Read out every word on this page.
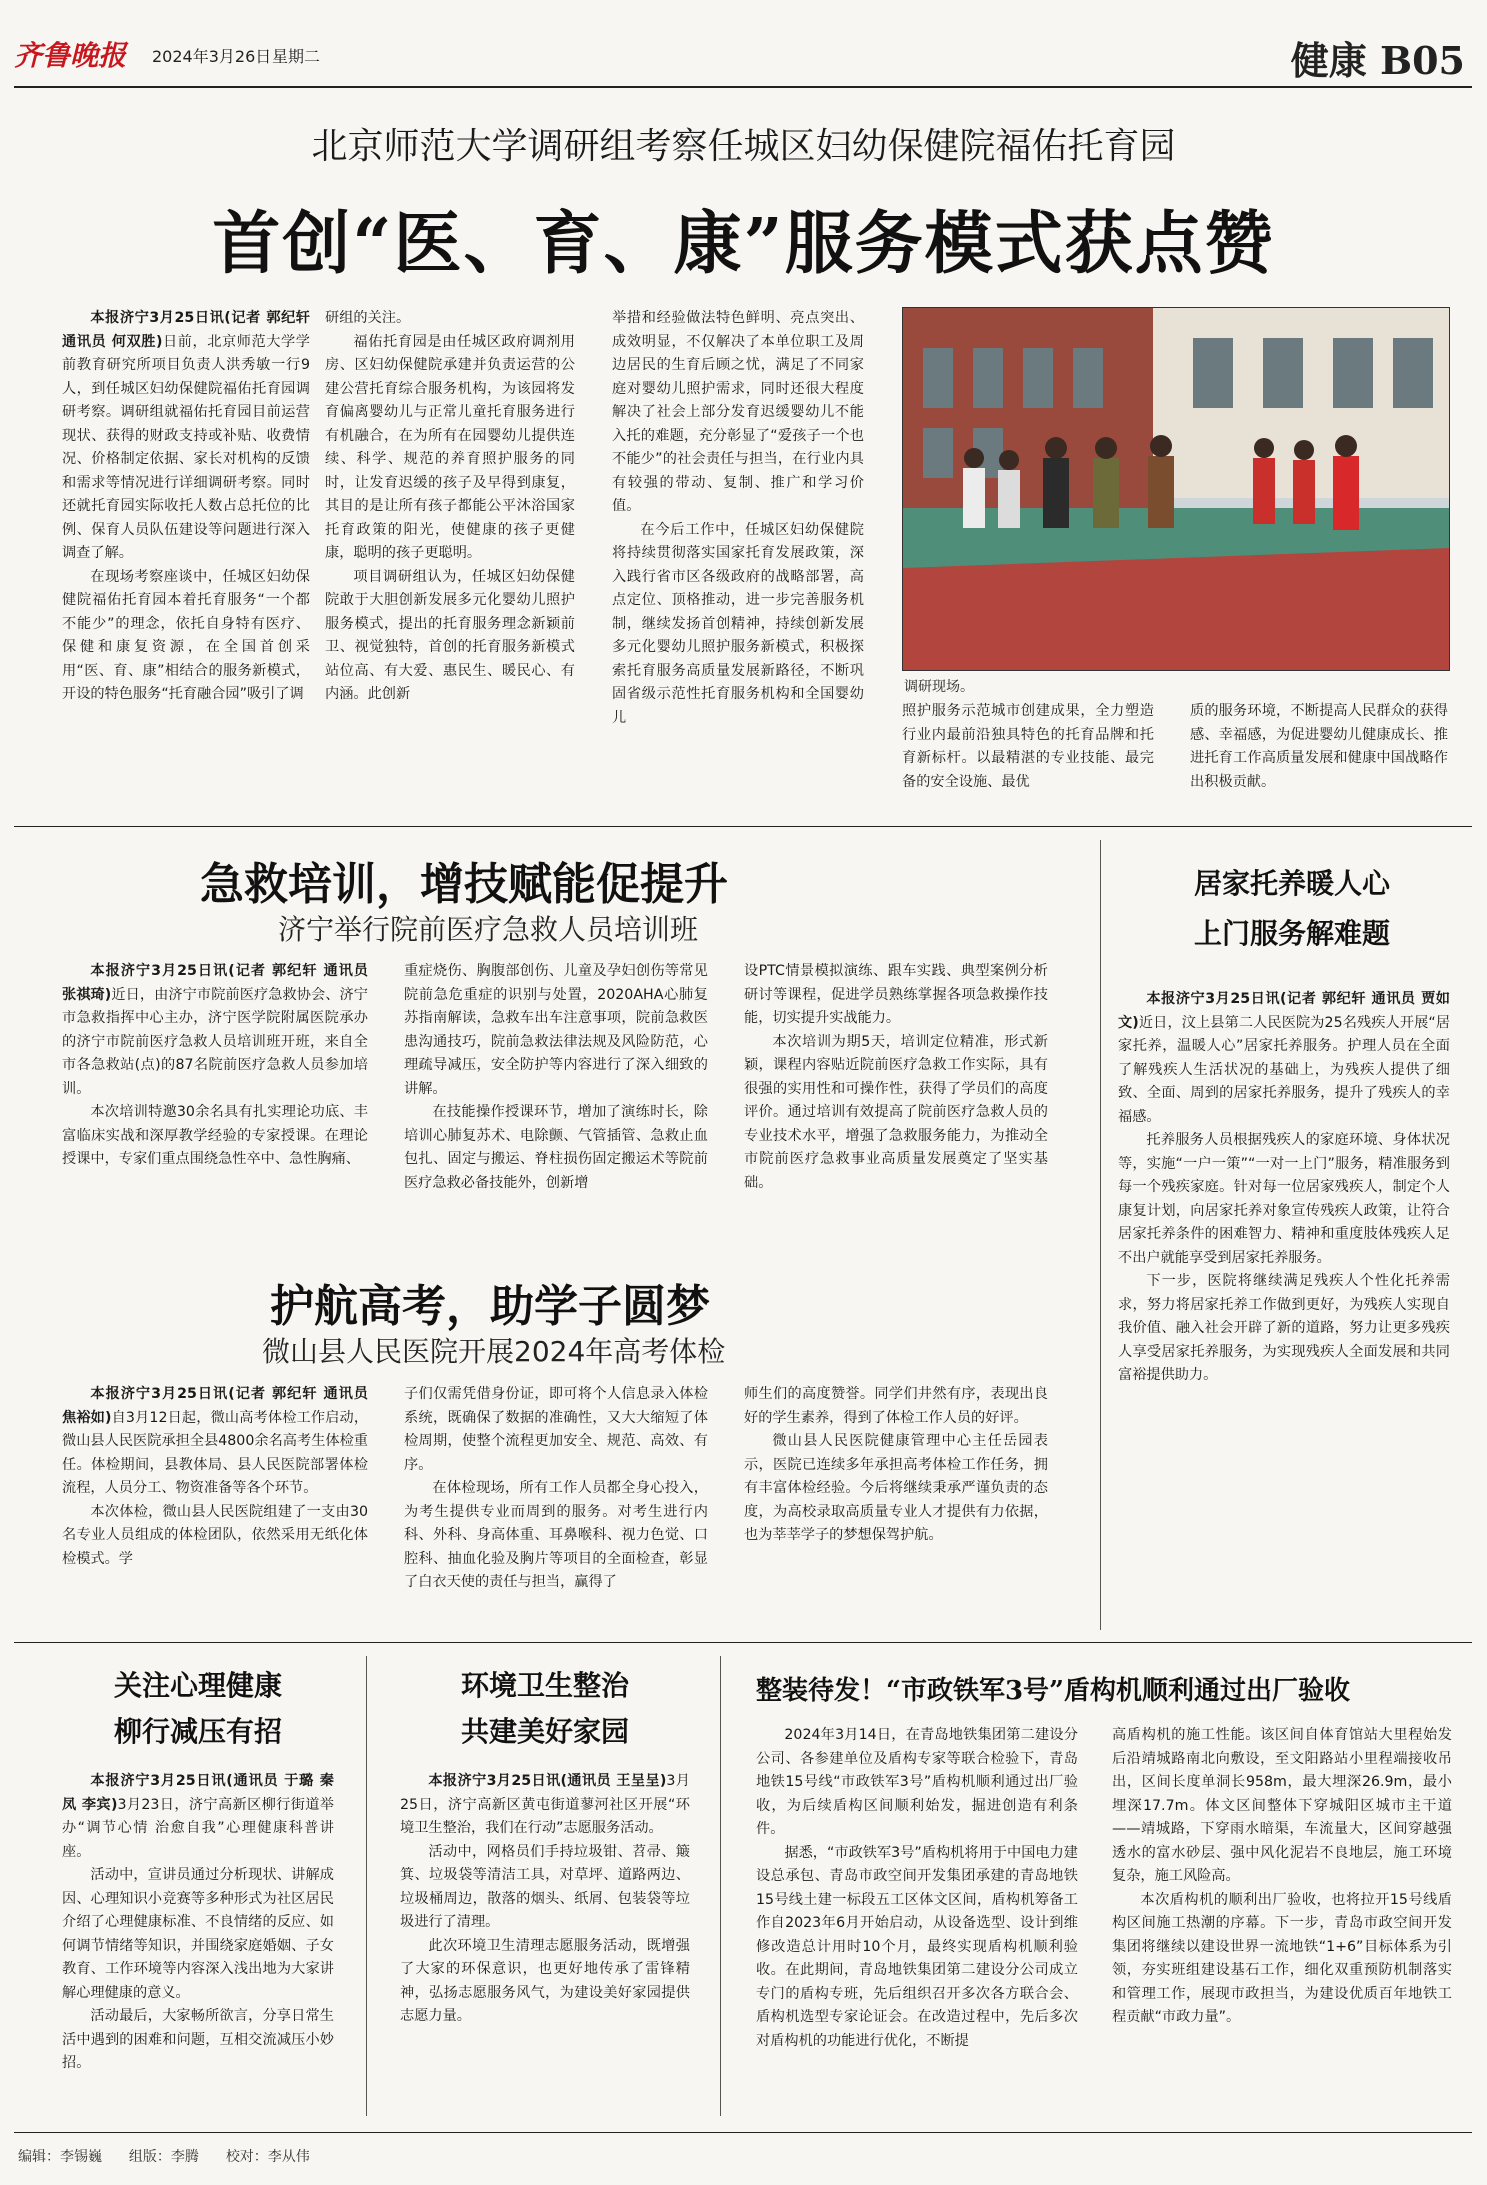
齐鲁晚报 2024年3月26日 星期二	健康 B05
北京师范大学调研组考察任城区妇幼保健院福佑托育园
首创“医、育、康”服务模式获点赞

本报济宁3月25日讯(记者 郭纪轩 通讯员 何双胜)日前，北京师范大学学前教育研究所项目负责人洪秀敏一行9人，到任城区妇幼保健院福佑托育园调研考察。调研组就福佑托育园目前运营现状、获得的财政支持或补贴、收费情况、价格制定依据、家长对机构的反馈和需求等情况进行详细调研考察。同时还就托育园实际收托人数占总托位的比例、保育人员队伍建设等问题进行深入调查了解。

在现场考察座谈中，任城区妇幼保健院福佑托育园本着托育服务“一个都不能少”的理念，依托自身特有医疗、保健和康复资源，在全国首创采用“医、育、康”相结合的服务新模式，开设的特色服务“托育融合园”吸引了调

研组的关注。

福佑托育园是由任城区政府调剂用房、区妇幼保健院承建并负责运营的公建公营托育综合服务机构，为该园将发育偏离婴幼儿与正常儿童托育服务进行有机融合，在为所有在园婴幼儿提供连续、科学、规范的养育照护服务的同时，让发育迟缓的孩子及早得到康复，其目的是让所有孩子都能公平沐浴国家托育政策的阳光，使健康的孩子更健康，聪明的孩子更聪明。

项目调研组认为，任城区妇幼保健院敢于大胆创新发展多元化婴幼儿照护服务模式，提出的托育服务理念新颖前卫、视觉独特，首创的托育服务新模式站位高、有大爱、惠民生、暖民心、有内涵。此创新

举措和经验做法特色鲜明、亮点突出、成效明显，不仅解决了本单位职工及周边居民的生育后顾之忧，满足了不同家庭对婴幼儿照护需求，同时还很大程度解决了社会上部分发育迟缓婴幼儿不能入托的难题，充分彰显了“爱孩子一个也不能少”的社会责任与担当，在行业内具有较强的带动、复制、推广和学习价值。

在今后工作中，任城区妇幼保健院将持续贯彻落实国家托育发展政策，深入践行省市区各级政府的战略部署，高点定位、顶格推动，进一步完善服务机制，继续发扬首创精神，持续创新发展多元化婴幼儿照护服务新模式，积极探索托育服务高质量发展新路径，不断巩固省级示范性托育服务机构和全国婴幼儿

调研现场。

照护服务示范城市创建成果，全力塑造行业内最前沿独具特色的托育品牌和托育新标杆。以最精湛的专业技能、最完备的安全设施、最优

质的服务环境，不断提高人民群众的获得感、幸福感，为促进婴幼儿健康成长、推进托育工作高质量发展和健康中国战略作出积极贡献。

急救培训，增技赋能促提升
济宁举行院前医疗急救人员培训班

本报济宁3月25日讯(记者 郭纪轩 通讯员 张祺琦)近日，由济宁市院前医疗急救协会、济宁市急救指挥中心主办，济宁医学院附属医院承办的济宁市院前医疗急救人员培训班开班，来自全市各急救站(点)的87名院前医疗急救人员参加培训。

本次培训特邀30余名具有扎实理论功底、丰富临床实战和深厚教学经验的专家授课。在理论授课中，专家们重点围绕急性卒中、急性胸痛、

重症烧伤、胸腹部创伤、儿童及孕妇创伤等常见院前急危重症的识别与处置，2020AHA心肺复苏指南解读，急救车出车注意事项，院前急救医患沟通技巧，院前急救法律法规及风险防范，心理疏导减压，安全防护等内容进行了深入细致的讲解。

在技能操作授课环节，增加了演练时长，除培训心肺复苏术、电除颤、气管插管、急救止血包扎、固定与搬运、脊柱损伤固定搬运术等院前医疗急救必备技能外，创新增

设PTC情景模拟演练、跟车实践、典型案例分析研讨等课程，促进学员熟练掌握各项急救操作技能，切实提升实战能力。

本次培训为期5天，培训定位精准，形式新颖，课程内容贴近院前医疗急救工作实际，具有很强的实用性和可操作性，获得了学员们的高度评价。通过培训有效提高了院前医疗急救人员的专业技术水平，增强了急救服务能力，为推动全市院前医疗急救事业高质量发展奠定了坚实基础。

居家托养暖人心
上门服务解难题

本报济宁3月25日讯(记者 郭纪轩 通讯员 贾如文)近日，汶上县第二人民医院为25名残疾人开展“居家托养，温暖人心”居家托养服务。护理人员在全面了解残疾人生活状况的基础上，为残疾人提供了细致、全面、周到的居家托养服务，提升了残疾人的幸福感。

托养服务人员根据残疾人的家庭环境、身体状况等，实施“一户一策”“一对一上门”服务，精准服务到每一个残疾家庭。针对每一位居家残疾人，制定个人康复计划，向居家托养对象宣传残疾人政策，让符合居家托养条件的困难智力、精神和重度肢体残疾人足不出户就能享受到居家托养服务。

下一步，医院将继续满足残疾人个性化托养需求，努力将居家托养工作做到更好，为残疾人实现自我价值、融入社会开辟了新的道路，努力让更多残疾人享受居家托养服务，为实现残疾人全面发展和共同富裕提供助力。

护航高考，助学子圆梦
微山县人民医院开展2024年高考体检

本报济宁3月25日讯(记者 郭纪轩 通讯员 焦裕如)自3月12日起，微山高考体检工作启动，微山县人民医院承担全县4800余名高考生体检重任。体检期间，县教体局、县人民医院部署体检流程，人员分工、物资准备等各个环节。

本次体检，微山县人民医院组建了一支由30名专业人员组成的体检团队，依然采用无纸化体检模式。学

子们仅需凭借身份证，即可将个人信息录入体检系统，既确保了数据的准确性，又大大缩短了体检周期，使整个流程更加安全、规范、高效、有序。

在体检现场，所有工作人员都全身心投入，为考生提供专业而周到的服务。对考生进行内科、外科、身高体重、耳鼻喉科、视力色觉、口腔科、抽血化验及胸片等项目的全面检查，彰显了白衣天使的责任与担当，赢得了

师生们的高度赞誉。同学们井然有序，表现出良好的学生素养，得到了体检工作人员的好评。

微山县人民医院健康管理中心主任岳园表示，医院已连续多年承担高考体检工作任务，拥有丰富体检经验。今后将继续秉承严谨负责的态度，为高校录取高质量专业人才提供有力依据，也为莘莘学子的梦想保驾护航。

关注心理健康
柳行减压有招

本报济宁3月25日讯(通讯员 于璐 秦凤 李宾)3月23日，济宁高新区柳行街道举办“调节心情 治愈自我”心理健康科普讲座。

活动中，宣讲员通过分析现状、讲解成因、心理知识小竞赛等多种形式为社区居民介绍了心理健康标准、不良情绪的反应、如何调节情绪等知识，并围绕家庭婚姻、子女教育、工作环境等内容深入浅出地为大家讲解心理健康的意义。

活动最后，大家畅所欲言，分享日常生活中遇到的困难和问题，互相交流减压小妙招。

环境卫生整治
共建美好家园

本报济宁3月25日讯(通讯员 王呈呈)3月25日，济宁高新区黄屯街道蓼河社区开展“环境卫生整治，我们在行动”志愿服务活动。

活动中，网格员们手持垃圾钳、苕帚、簸箕、垃圾袋等清洁工具，对草坪、道路两边、垃圾桶周边，散落的烟头、纸屑、包装袋等垃圾进行了清理。

此次环境卫生清理志愿服务活动，既增强了大家的环保意识，也更好地传承了雷锋精神，弘扬志愿服务风气，为建设美好家园提供志愿力量。

整装待发！“市政铁军3号”盾构机顺利通过出厂验收

2024年3月14日，在青岛地铁集团第二建设分公司、各参建单位及盾构专家等联合检验下，青岛地铁15号线“市政铁军3号”盾构机顺利通过出厂验收，为后续盾构区间顺利始发，掘进创造有利条件。

据悉，“市政铁军3号”盾构机将用于中国电力建设总承包、青岛市政空间开发集团承建的青岛地铁15号线土建一标段五工区体文区间，盾构机筹备工作自2023年6月开始启动，从设备选型、设计到维修改造总计用时10个月，最终实现盾构机顺利验收。在此期间，青岛地铁集团第二建设分公司成立专门的盾构专班，先后组织召开多次各方联合会、盾构机选型专家论证会。在改造过程中，先后多次对盾构机的功能进行优化，不断提

高盾构机的施工性能。该区间自体育馆站大里程始发后沿靖城路南北向敷设，至文阳路站小里程端接收吊出，区间长度单洞长958m，最大埋深26.9m，最小埋深17.7m。体文区间整体下穿城阳区城市主干道——靖城路，下穿雨水暗渠，车流量大，区间穿越强透水的富水砂层、强中风化泥岩不良地层，施工环境复杂，施工风险高。

本次盾构机的顺利出厂验收，也将拉开15号线盾构区间施工热潮的序幕。下一步，青岛市政空间开发集团将继续以建设世界一流地铁“1+6”目标体系为引领，夯实班组建设基石工作，细化双重预防机制落实和管理工作，展现市政担当，为建设优质百年地铁工程贡献“市政力量”。

编辑：李锡巍 组版：李腾 校对：李从伟
